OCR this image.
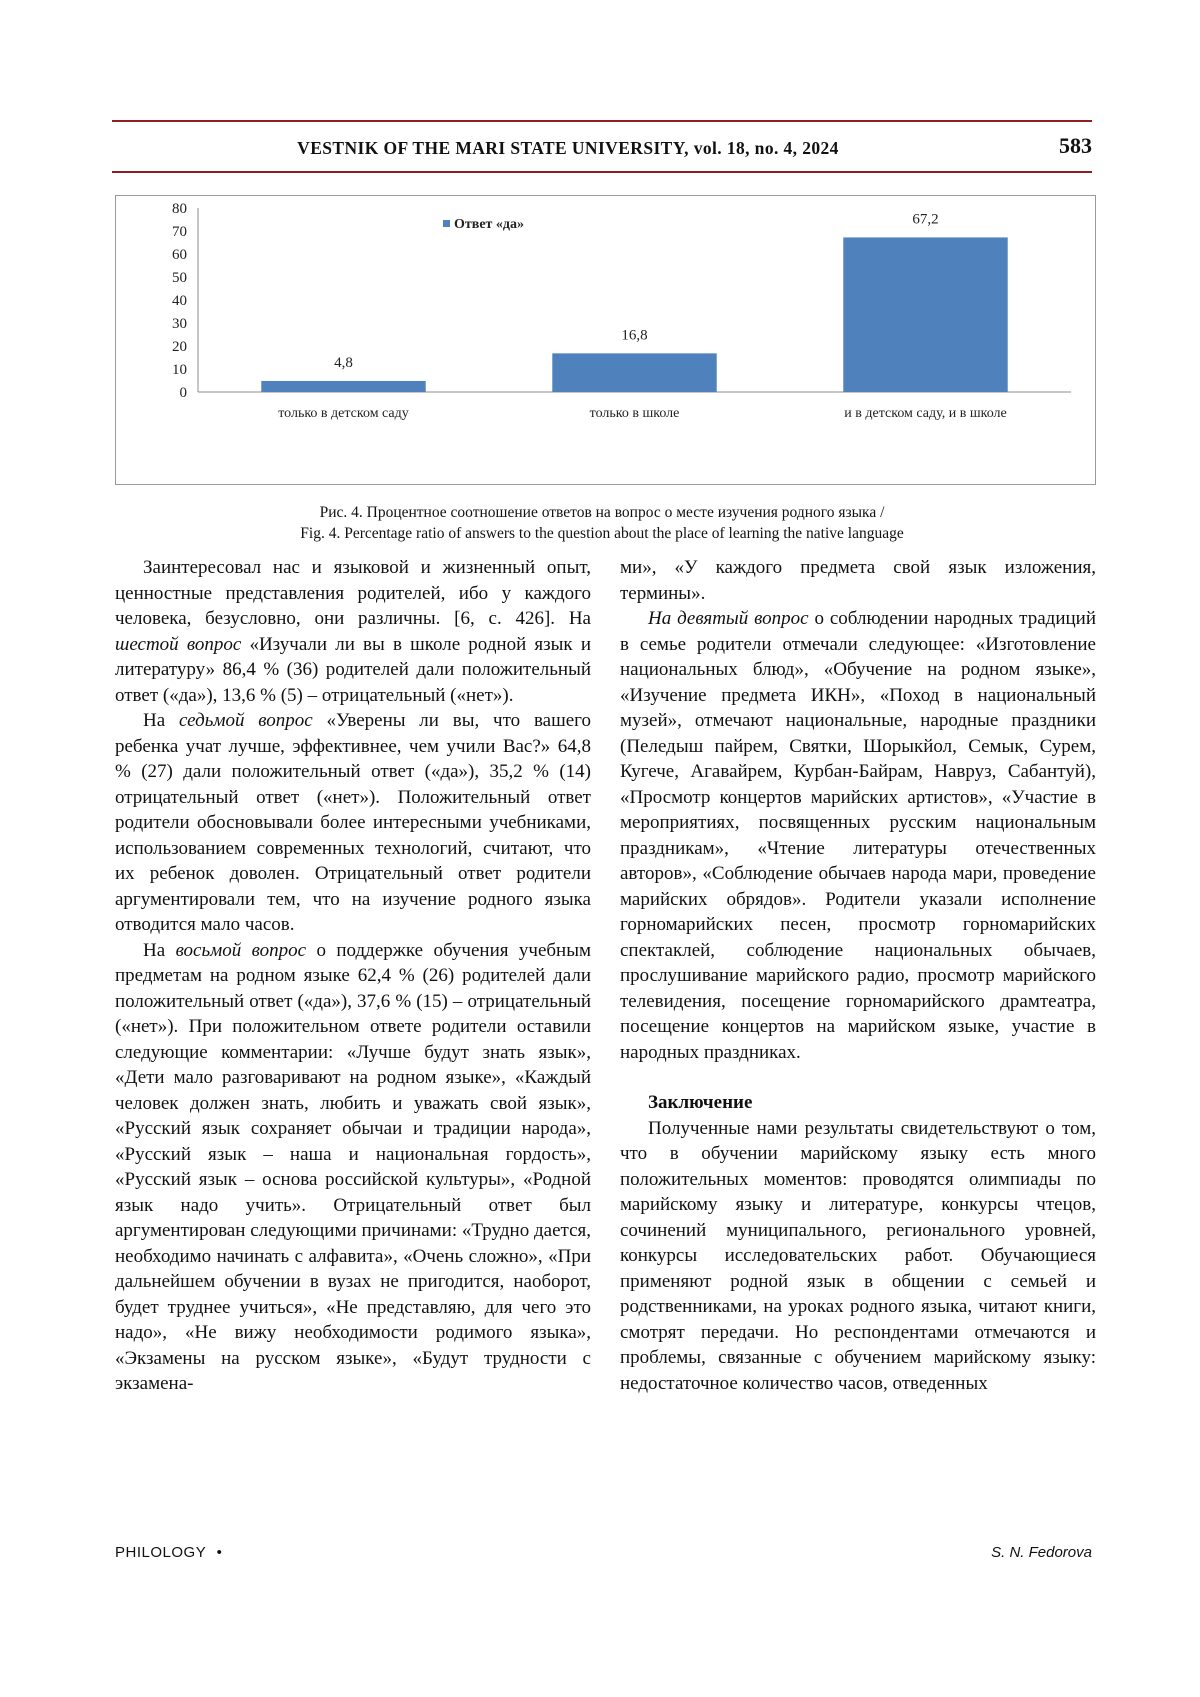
VESTNIK OF THE MARI STATE UNIVERSITY, vol. 18, no. 4, 2024	583
0
10
20
30
40
50
60
70
80
4,8
только в детском саду
16,8
только в школе
67,2
и в детском саду, и в школе
Ответ «да»
Рис. 4. Процентное соотношение ответов на вопрос о месте изучения родного языка /
Fig. 4. Percentage ratio of answers to the question about the place of learning the native language

Заинтересовал нас и языковой и жизненный опыт, ценностные представления родителей, ибо у каждого человека, безусловно, они различны. [6, с. 426]. На шестой вопрос «Изучали ли вы в школе родной язык и литературу» 86,4 % (36) родителей дали положительный ответ («да»), 13,6 % (5) – отрицательный («нет»).

На седьмой вопрос «Уверены ли вы, что вашего ребенка учат лучше, эффективнее, чем учили Вас?» 64,8 % (27) дали положительный ответ («да»), 35,2 % (14) отрицательный ответ («нет»). Положительный ответ родители обосновывали более интересными учебниками, использованием современных технологий, считают, что их ребенок доволен. Отрицательный ответ родители аргументировали тем, что на изучение родного языка отводится мало часов.

На восьмой вопрос о поддержке обучения учебным предметам на родном языке 62,4 % (26) родителей дали положительный ответ («да»), 37,6 % (15) – отрицательный («нет»). При положительном ответе родители оставили следующие комментарии: «Лучше будут знать язык», «Дети мало разговаривают на родном языке», «Каждый человек должен знать, любить и уважать свой язык», «Русский язык сохраняет обычаи и традиции народа», «Русский язык – наша и национальная гордость», «Русский язык – основа российской культуры», «Родной язык надо учить». Отрицательный ответ был аргументирован следующими причинами: «Трудно дается, необходимо начинать с алфавита», «Очень сложно», «При дальнейшем обучении в вузах не пригодится, наоборот, будет труднее учиться», «Не представляю, для чего это надо», «Не вижу необходимости родимого языка», «Экзамены на русском языке», «Будут трудности с экзамена-

ми», «У каждого предмета свой язык изложения, термины».

На девятый вопрос о соблюдении народных традиций в семье родители отмечали следующее: «Изготовление национальных блюд», «Обучение на родном языке», «Изучение предмета ИКН», «Поход в национальный музей», отмечают национальные, народные праздники (Пеледыш пайрем, Святки, Шорыкйол, Семык, Сурем, Кугече, Агавайрем, Курбан-Байрам, Навруз, Сабантуй), «Просмотр концертов марийских артистов», «Участие в мероприятиях, посвященных русским национальным праздникам», «Чтение литературы отечественных авторов», «Соблюдение обычаев народа мари, проведение марийских обрядов». Родители указали исполнение горномарийских песен, просмотр горномарийских спектаклей, соблюдение национальных обычаев, прослушивание марийского радио, просмотр марийского телевидения, посещение горномарийского драмтеатра, посещение концертов на марийском языке, участие в народных праздниках.

Заключение

Полученные нами результаты свидетельствуют о том, что в обучении марийскому языку есть много положительных моментов: проводятся олимпиады по марийскому языку и литературе, конкурсы чтецов, сочинений муниципального, регионального уровней, конкурсы исследовательских работ. Обучающиеся применяют родной язык в общении с семьей и родственниками, на уроках родного языка, читают книги, смотрят передачи. Но респондентами отмечаются и проблемы, связанные с обучением марийскому языку: недостаточное количество часов, отведенных

PHILOLOGY •	S. N. Fedorova
